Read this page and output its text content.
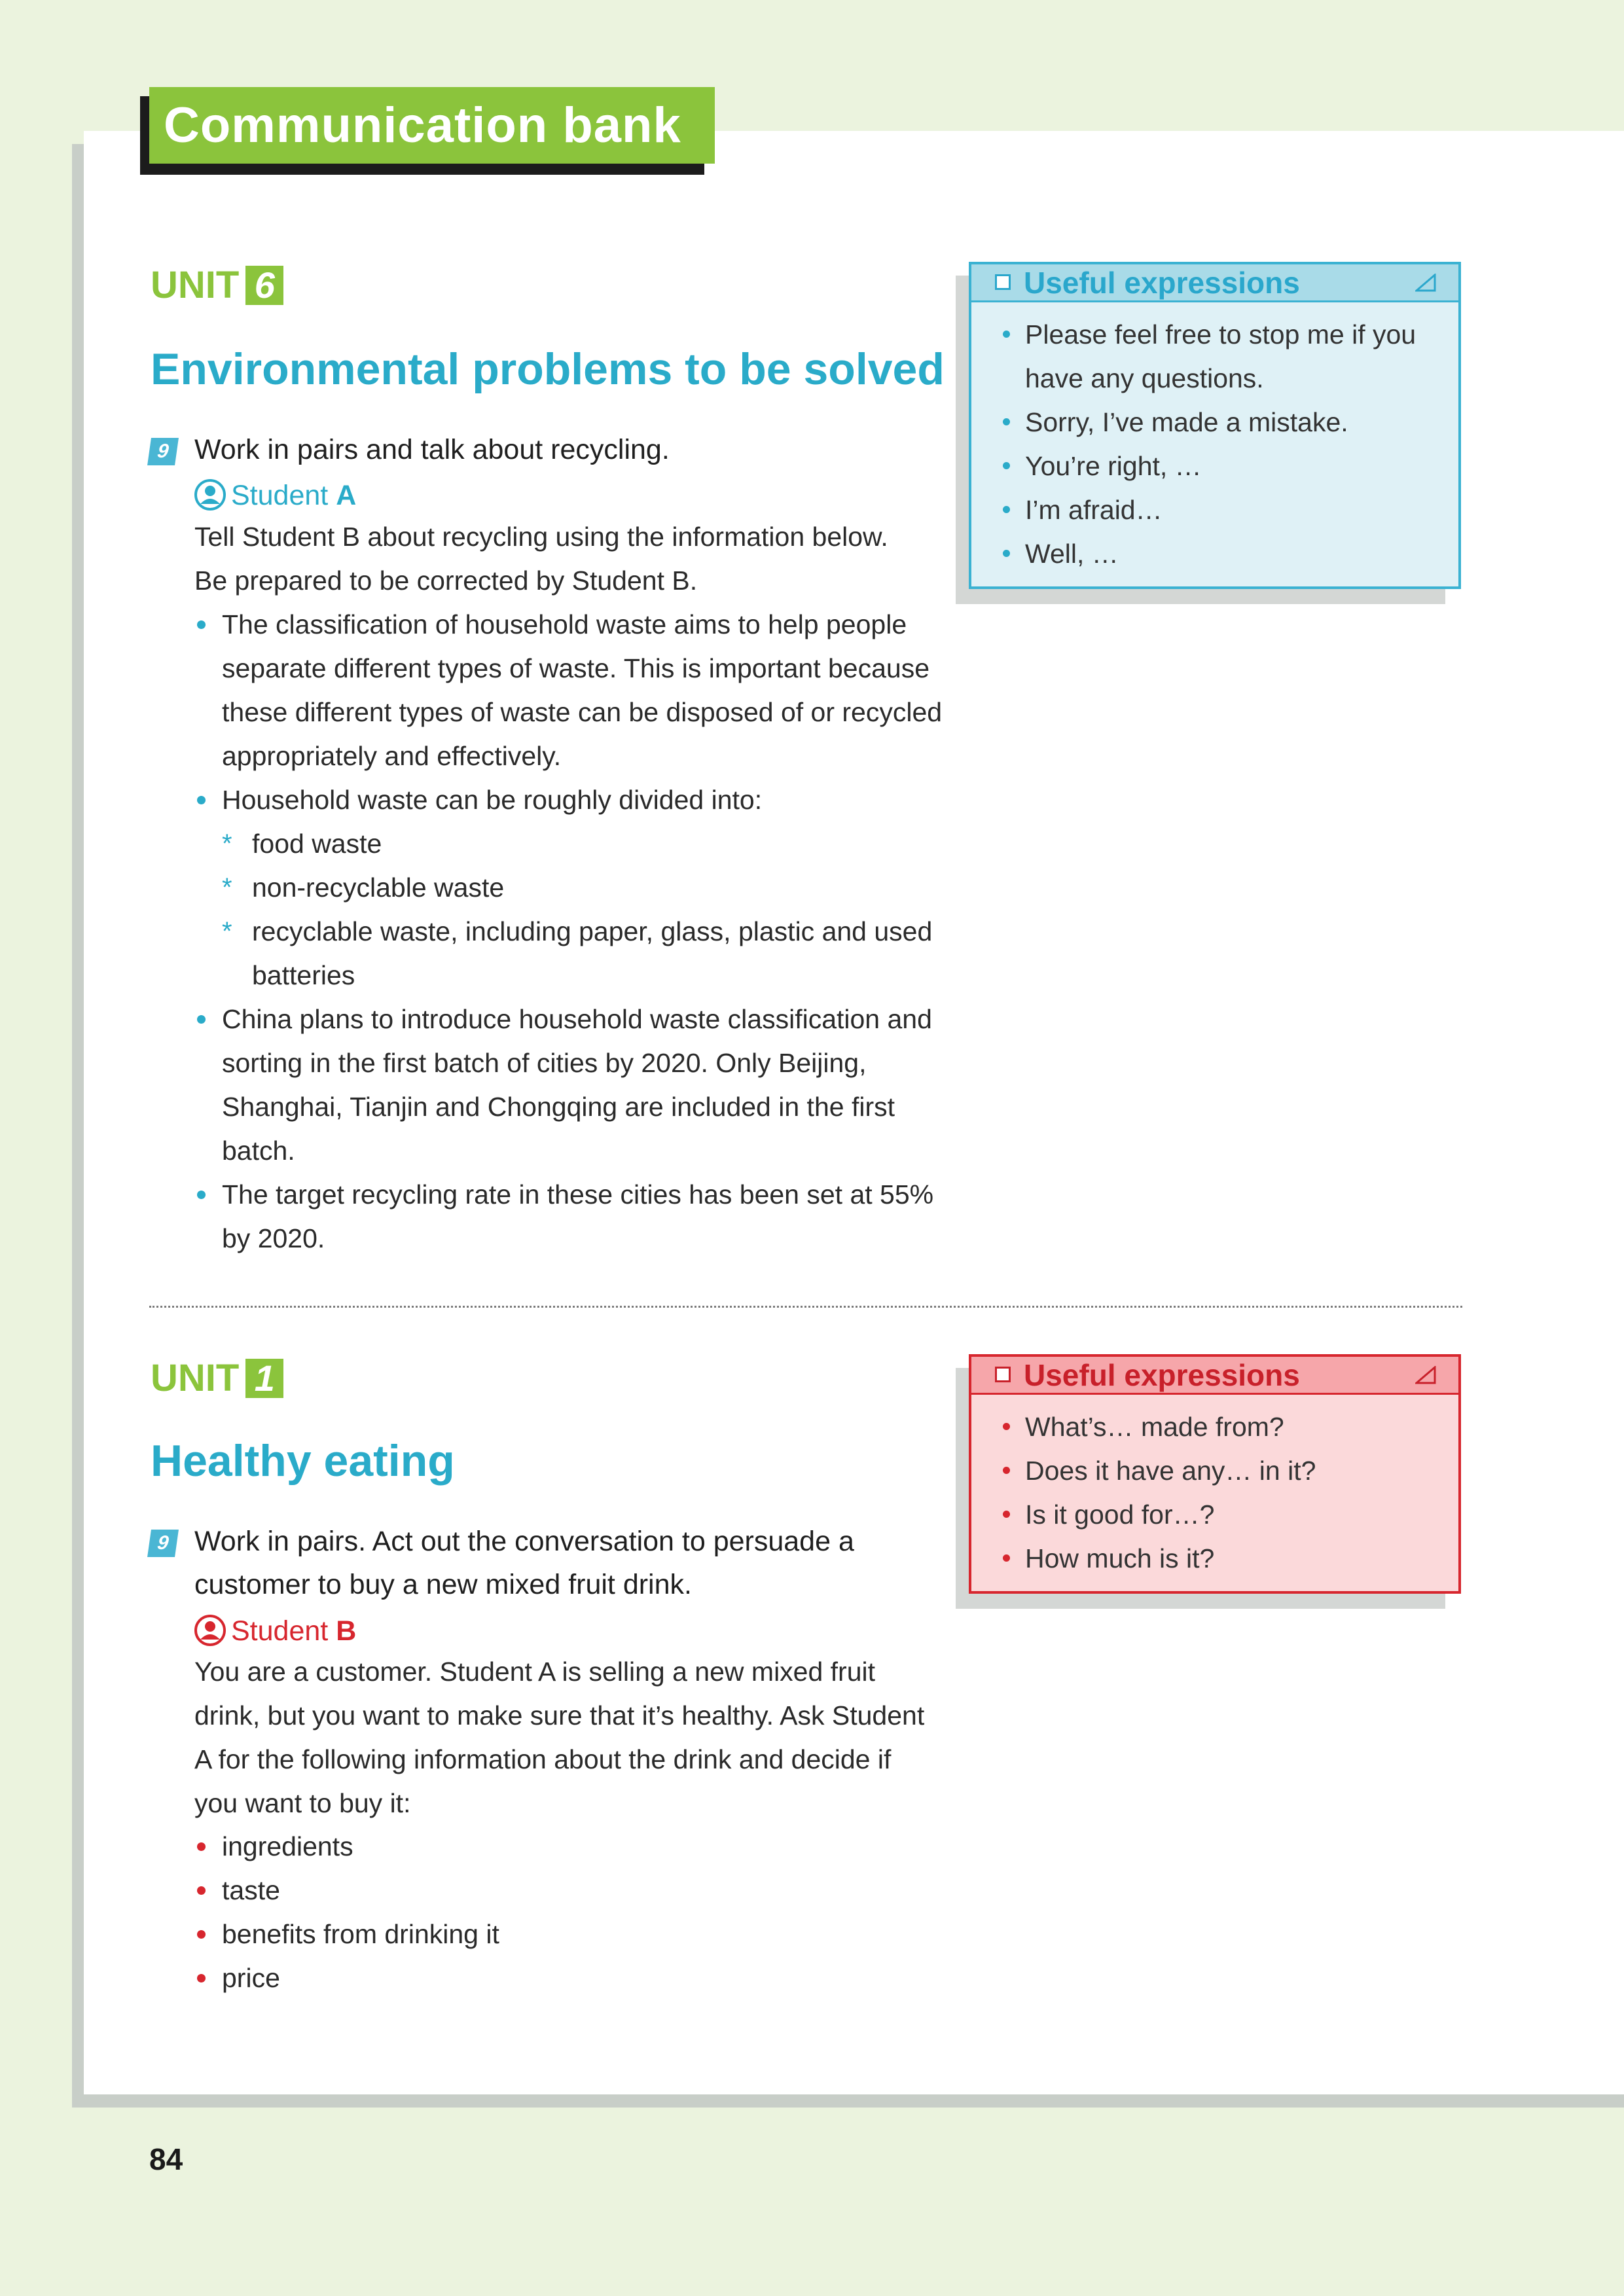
Communication bank
UNIT 6
Environmental problems to be solved
9 Work in pairs and talk about recycling.
Student A
Tell Student B about recycling using the information below. Be prepared to be corrected by Student B.
The classification of household waste aims to help people separate different types of waste. This is important because these different types of waste can be disposed of or recycled appropriately and effectively.
Household waste can be roughly divided into:
* food waste
* non-recyclable waste
* recyclable waste, including paper, glass, plastic and used batteries
China plans to introduce household waste classification and sorting in the first batch of cities by 2020. Only Beijing, Shanghai, Tianjin and Chongqing are included in the first batch.
The target recycling rate in these cities has been set at 55% by 2020.
Useful expressions
Please feel free to stop me if you have any questions.
Sorry, I’ve made a mistake.
You’re right, …
I’m afraid…
Well, …
UNIT 1
Healthy eating
9 Work in pairs. Act out the conversation to persuade a customer to buy a new mixed fruit drink.
Student B
You are a customer. Student A is selling a new mixed fruit drink, but you want to make sure that it’s healthy. Ask Student A for the following information about the drink and decide if you want to buy it:
ingredients
taste
benefits from drinking it
price
Useful expressions
What’s… made from?
Does it have any… in it?
Is it good for…?
How much is it?
84
